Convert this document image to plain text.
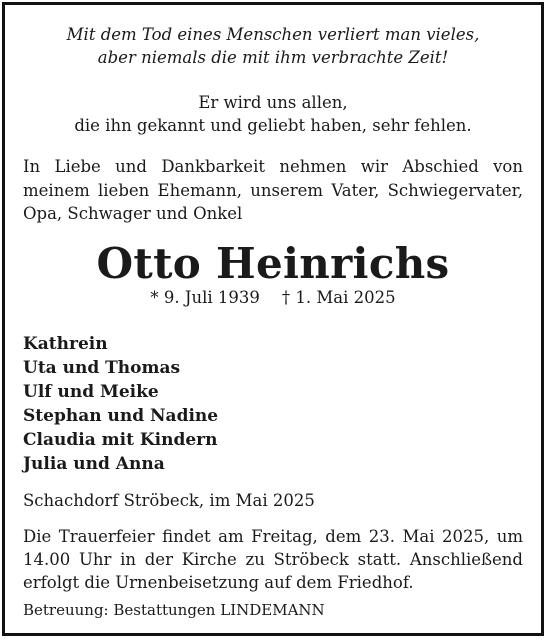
Mit dem Tod eines Menschen verliert man vieles,
aber niemals die mit ihm verbrachte Zeit!
Er wird uns allen,
die ihn gekannt und geliebt haben, sehr fehlen.
In Liebe und Dankbarkeit nehmen wir Abschied von
meinem lieben Ehemann, unserem Vater, Schwiegervater,
Opa, Schwager und Onkel
Otto Heinrichs
* 9. Juli 1939 † 1. Mai 2025
Kathrein
Uta und Thomas
Ulf und Meike
Stephan und Nadine
Claudia mit Kindern
Julia und Anna
Schachdorf Ströbeck, im Mai 2025
Die Trauerfeier findet am Freitag, dem 23. Mai 2025, um
14.00 Uhr in der Kirche zu Ströbeck statt. Anschließend
erfolgt die Urnenbeisetzung auf dem Friedhof.
Betreuung: Bestattungen LINDEMANN
